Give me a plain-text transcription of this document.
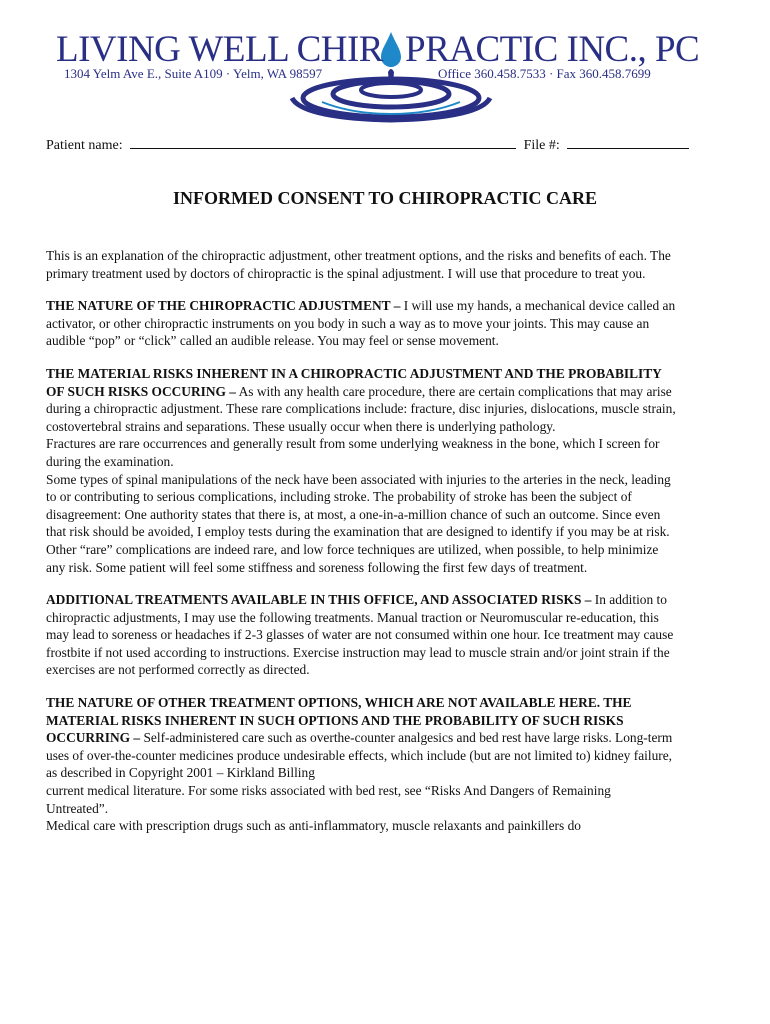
LIVING WELL CHIR PRACTIC INC., PC
1304 Yelm Ave E., Suite A109 · Yelm, WA 98597	Office 360.458.7533 · Fax 360.458.7699
Patient name:	File #:
INFORMED CONSENT TO CHIROPRACTIC CARE

This is an explanation of the chiropractic adjustment, other treatment options, and the risks and benefits of each. The primary treatment used by doctors of chiropractic is the spinal adjustment. I will use that procedure to treat you.

THE NATURE OF THE CHIROPRACTIC ADJUSTMENT – I will use my hands, a mechanical device called an activator, or other chiropractic instruments on you body in such a way as to move your joints. This may cause an audible “pop” or “click” called an audible release. You may feel or sense movement.

THE MATERIAL RISKS INHERENT IN A CHIROPRACTIC ADJUSTMENT AND THE PROBABILITY OF SUCH RISKS OCCURING – As with any health care procedure, there are certain complications that may arise during a chiropractic adjustment. These rare complications include: fracture, disc injuries, dislocations, muscle strain, costovertebral strains and separations. These usually occur when there is underlying pathology.

Fractures are rare occurrences and generally result from some underlying weakness in the bone, which I screen for during the examination.

Some types of spinal manipulations of the neck have been associated with injuries to the arteries in the neck, leading to or contributing to serious complications, including stroke. The probability of stroke has been the subject of disagreement: One authority states that there is, at most, a one-in-a-million chance of such an outcome. Since even that risk should be avoided, I employ tests during the examination that are designed to identify if you may be at risk.

Other “rare” complications are indeed rare, and low force techniques are utilized, when possible, to help minimize any risk. Some patient will feel some stiffness and soreness following the first few days of treatment.

ADDITIONAL TREATMENTS AVAILABLE IN THIS OFFICE, AND ASSOCIATED RISKS – In addition to chiropractic adjustments, I may use the following treatments. Manual traction or Neuromuscular re-education, this may lead to soreness or headaches if 2-3 glasses of water are not consumed within one hour. Ice treatment may cause frostbite if not used according to instructions. Exercise instruction may lead to muscle strain and/or joint strain if the exercises are not performed correctly as directed.

THE NATURE OF OTHER TREATMENT OPTIONS, WHICH ARE NOT AVAILABLE HERE. THE MATERIAL RISKS INHERENT IN SUCH OPTIONS AND THE PROBABILITY OF SUCH RISKS OCCURRING – Self-administered care such as overthe-counter analgesics and bed rest have large risks. Long-term uses of over-the-counter medicines produce undesirable effects, which include (but are not limited to) kidney failure, as described in Copyright 2001 – Kirkland Billing

current medical literature. For some risks associated with bed rest, see “Risks And Dangers of Remaining Untreated”.

Medical care with prescription drugs such as anti-inflammatory, muscle relaxants and painkillers do
